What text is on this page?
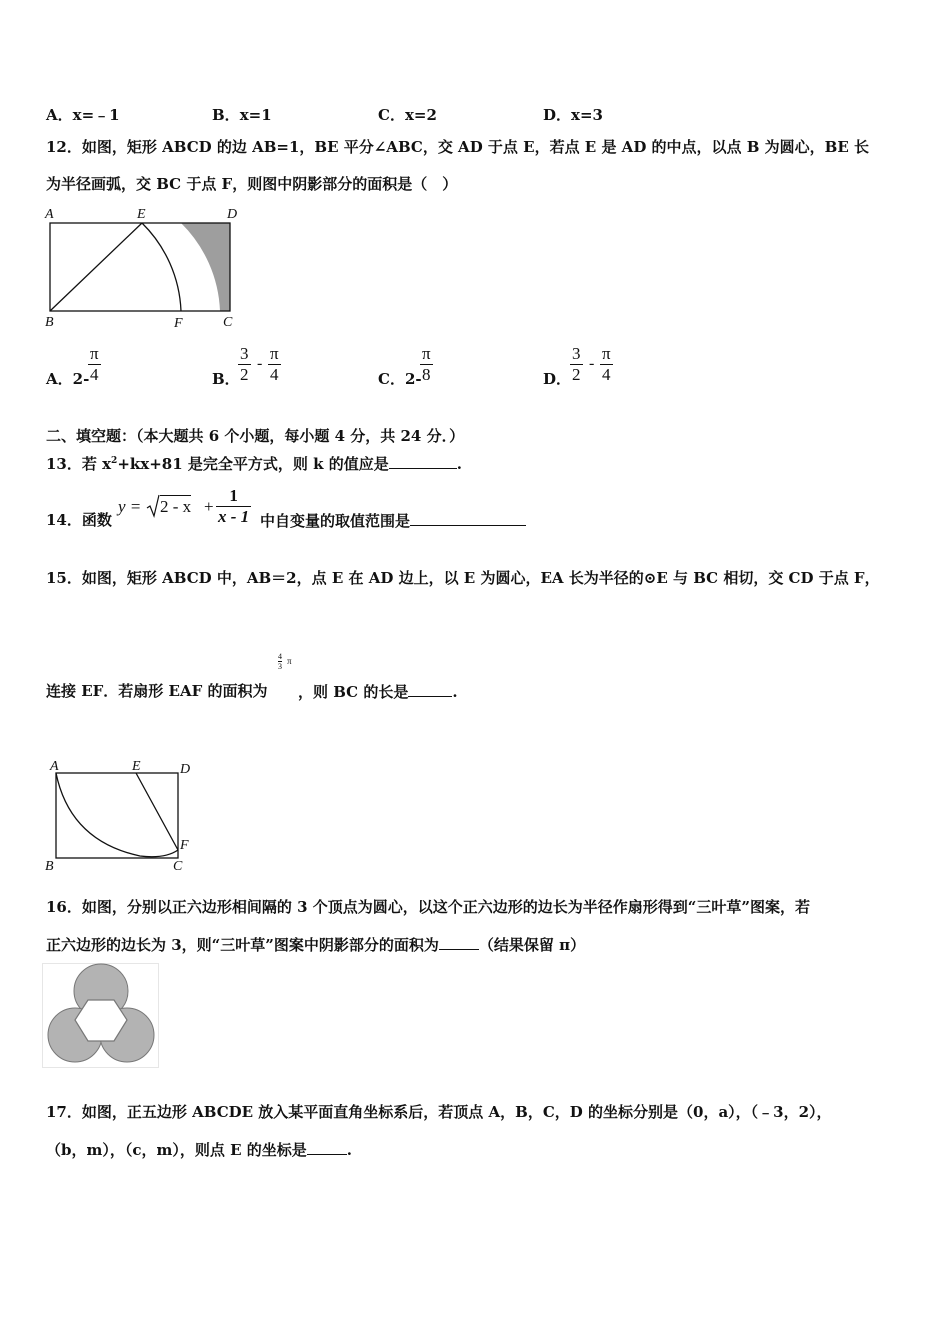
A．x=﹣1	B．x=1	C．x=2	D．x=3
12．如图，矩形 ABCD 的边 AB=1，BE 平分∠ABC，交 AD 于点 E，若点 E 是 AD 的中点，以点 B 为圆心，BE 长
为半径画弧，交 BC 于点 F，则图中阴影部分的面积是（　）
A	E	D
B	F	C
A．2-
$\frac{\pi}{4}$	B．
$\frac{3}{2} - \frac{\pi}{4}$	C．2-
$\frac{\pi}{8}$	D．
$\frac{3}{2} - \frac{\pi}{4}$
二、填空题：（本大题共 6 个小题，每小题 4 分，共 24 分．）
13．若 $x^2+kx+81$ 是完全平方式，则 k 的值应是	.
14．函数
$y = 2 - x + \frac{1}{x - 1}$ 中自变量的取值范围是
15．如图，矩形 ABCD 中，AB＝2，点 E 在 AD 边上，以 E 为圆心，EA 长为半径的⊙E 与 BC 相切，交 CD 于点 F，
连接 EF．若扇形 EAF 的面积为
4
3
π
，则 BC 的长是	.
A	E	D
B	C
F
16．如图，分别以正六边形相间隔的 3 个顶点为圆心，以这个正六边形的边长为半径作扇形得到“三叶草”图案，若
正六边形的边长为 3，则“三叶草”图案中阴影部分的面积为	（结果保留 π）
17．如图，正五边形 ABCDE 放入某平面直角坐标系后，若顶点 A，B，C，D 的坐标分别是（0，a），（﹣3，2），
（b，m），（c，m），则点 E 的坐标是	.
